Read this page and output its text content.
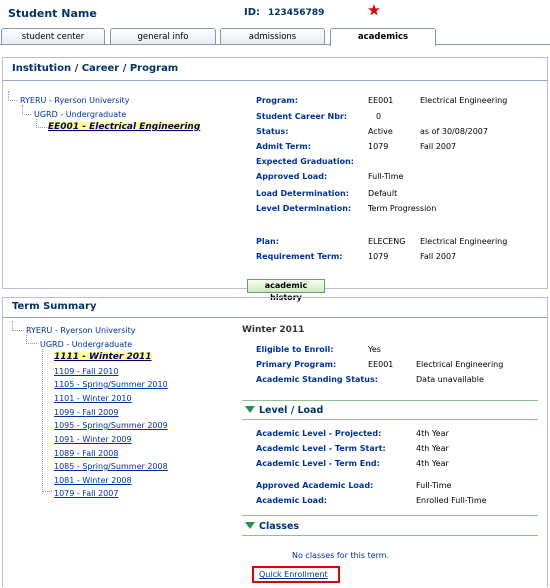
Student Name	ID: 123456789
student center	general info	admissions	academics
Institution / Career / Program
RYERU - Ryerson University
UGRD - Undergraduate
EE001 - Electrical Engineering
Program:	EE001	Electrical Engineering
Student Career Nbr:	0
Status:	Active	as of 30/08/2007
Admit Term:	1079	Fall 2007
Expected Graduation:
Approved Load:	Full-Time
Load Determination: Default
Level Determination: Term Progression
Plan:	ELECENG Electrical Engineering
Requirement Term:	1079	Fall 2007
academic history
Term Summary
RYERU - Ryerson University
UGRD - Undergraduate
1111 - Winter 2011
1109 - Fall 2010
1105 - Spring/Summer 2010
1101 - Winter 2010
1099 - Fall 2009
1095 - Spring/Summer 2009
1091 - Winter 2009
1089 - Fall 2008
1085 - Spring/Summer 2008
1081 - Winter 2008
1079 - Fall 2007
Winter 2011
Eligible to Enroll:	Yes
Primary Program:	EE001	Electrical Engineering
Academic Standing Status:	Data unavailable
Level / Load
Academic Level - Projected:	4th Year
Academic Level - Term Start:	4th Year
Academic Level - Term End:	4th Year
Approved Academic Load:	Full-Time
Academic Load:	Enrolled Full-Time
Classes
No classes for this term.
Quick Enrollment
